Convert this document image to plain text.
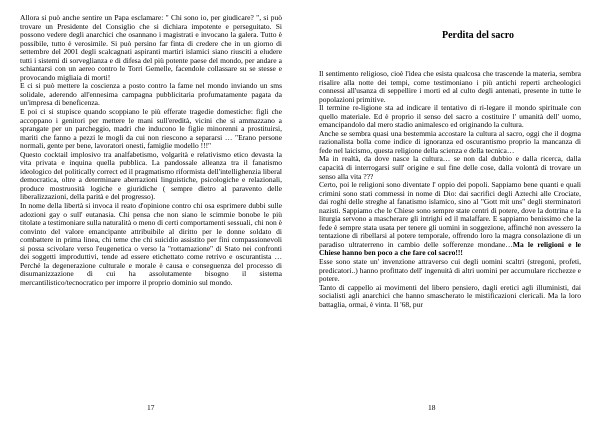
Allora si può anche sentire un Papa esclamare: " Chi sono io, per giudicare? ", si può trovare un Presidente del Consiglio che si dichiara impotente e perseguitato. Si possono vedere degli anarchici che osannano i magistrati e invocano la galera. Tutto è possibile, tutto è verosimile. Si può persino far finta di credere che in un giorno di settembre del 2001 degli scalcagnati aspiranti martiri islamici siano riusciti a eludere tutti i sistemi di sorveglianza e di difesa del più potente paese del mondo, per andare a schiantarsi con un aereo contro le Torri Gemelle, facendole collassare su se stesse e provocando migliaia di morti!

E ci si può mettere la coscienza a posto contro la fame nel mondo inviando un sms solidale, aderendo all'ennesima campagna pubblicitaria profumatamente pagata da un'impresa di beneficenza.

E poi ci si stupisce quando scoppiano le più efferate tragedie domestiche: figli che accoppano i genitori per mettere le mani sull'eredità, vicini che si ammazzano a sprangate per un parcheggio, madri che inducono le figlie minorenni a prostituirsi, mariti che fanno a pezzi le mogli da cui non riescono a separarsi … "Erano persone normali, gente per bene, lavoratori onesti, famiglie modello !!!"

Questo cocktail implosivo tra analfabetismo, volgarità e relativismo etico devasta la vita privata e inquina quella pubblica. La pandossale alleanza tra il fanatismo ideologico del politically correct ed il pragmatismo riformista dell'intellighenzia liberal democratica, oltre a determinare aberrazioni linguistiche, psicologiche e relazionali, produce mostruosità logiche e giuridiche ( sempre dietro al paravento delle liberalizzazioni, della parità e del progresso).

In nome della libertà si invoca il reato d'opinione contro chi osa esprimere dubbi sulle adozioni gay o sull' eutanasia. Chi pensa che non siano le scimmie bonobe le più titolate a testimoniare sulla naturalità o meno di certi comportamenti sessuali, chi non è convinto del valore emancipante attribuibile al diritto per le donne soldato di combattere in prima linea, chi teme che chi suicidio assistito per fini compassionevoli si possa scivolare verso l'eugenetica o verso la "rottamazione" di Stato nei confronti dei soggetti improduttivi, tende ad essere etichettato come retrivo e oscurantista … Perché la degenerazione culturale e morale è causa e conseguenza del processo di disumanizzazione di cui ha assolutamente bisogno il sistema mercantilistico/tecnocratico per imporre il proprio dominio sul mondo.

17
Perdita del sacro

Il sentimento religioso, cioè l'idea che esista qualcosa che trascende la materia, sembra risalire alla notte dei tempi, come testimoniano i più antichi reperti archeologici connessi all'usanza di seppellire i morti ed al culto degli antenati, presente in tutte le popolazioni primitive.

Il termine re-ligione sta ad indicare il tentativo di ri-legare il mondo spirituale con quello materiale. Ed è proprio il senso del sacro a costituire l' umanità dell' uomo, emancipandolo dal mero stadio animalesco ed originando la cultura.

Anche se sembra quasi una bestemmia accostare la cultura al sacro, oggi che il dogma razionalista bolla come indice di ignoranza ed oscurantismo proprio la mancanza di fede nel laicismo, questa religione della scienza e della tecnica…

Ma in realtà, da dove nasce la cultura… se non dal dubbio e dalla ricerca, dalla capacità di interrogarsi sull' origine e sul fine delle cose, dalla volontà di trovare un senso alla vita ???

Certo, poi le religioni sono diventate l' oppio dei popoli. Sappiamo bene quanti e quali crimini sono stati commessi in nome di Dio: dai sacrifici degli Aztechi alle Crociate, dai roghi delle streghe al fanatismo islamico, sino al "Gott mit uns" degli sterminatori nazisti. Sappiamo che le Chiese sono sempre state centri di potere, dove la dottrina e la liturgia servono a mascherare gli intrighi ed il malaffare. E sappiamo benissimo che la fede è sempre stata usata per tenere gli uomini in soggezione, affinché non avessero la tentazione di ribellarsi al potere temporale, offrendo loro la magra consolazione di un paradiso ultraterreno in cambio delle sofferenze mondane…Ma le religioni e le Chiese hanno ben poco a che fare col sacro!!!

Esse sono state un' invenzione attraverso cui degli uomini scaltri (stregoni, profeti, predicatori..) hanno profittato dell' ingenuità di altri uomini per accumulare ricchezze e potere.

Tanto di cappello ai movimenti del libero pensiero, dagli eretici agli illuministi, dai socialisti agli anarchici che hanno smascherato le mistificazioni clericali. Ma la loro battaglia, ormai, è vinta. Il '68, pur

18
